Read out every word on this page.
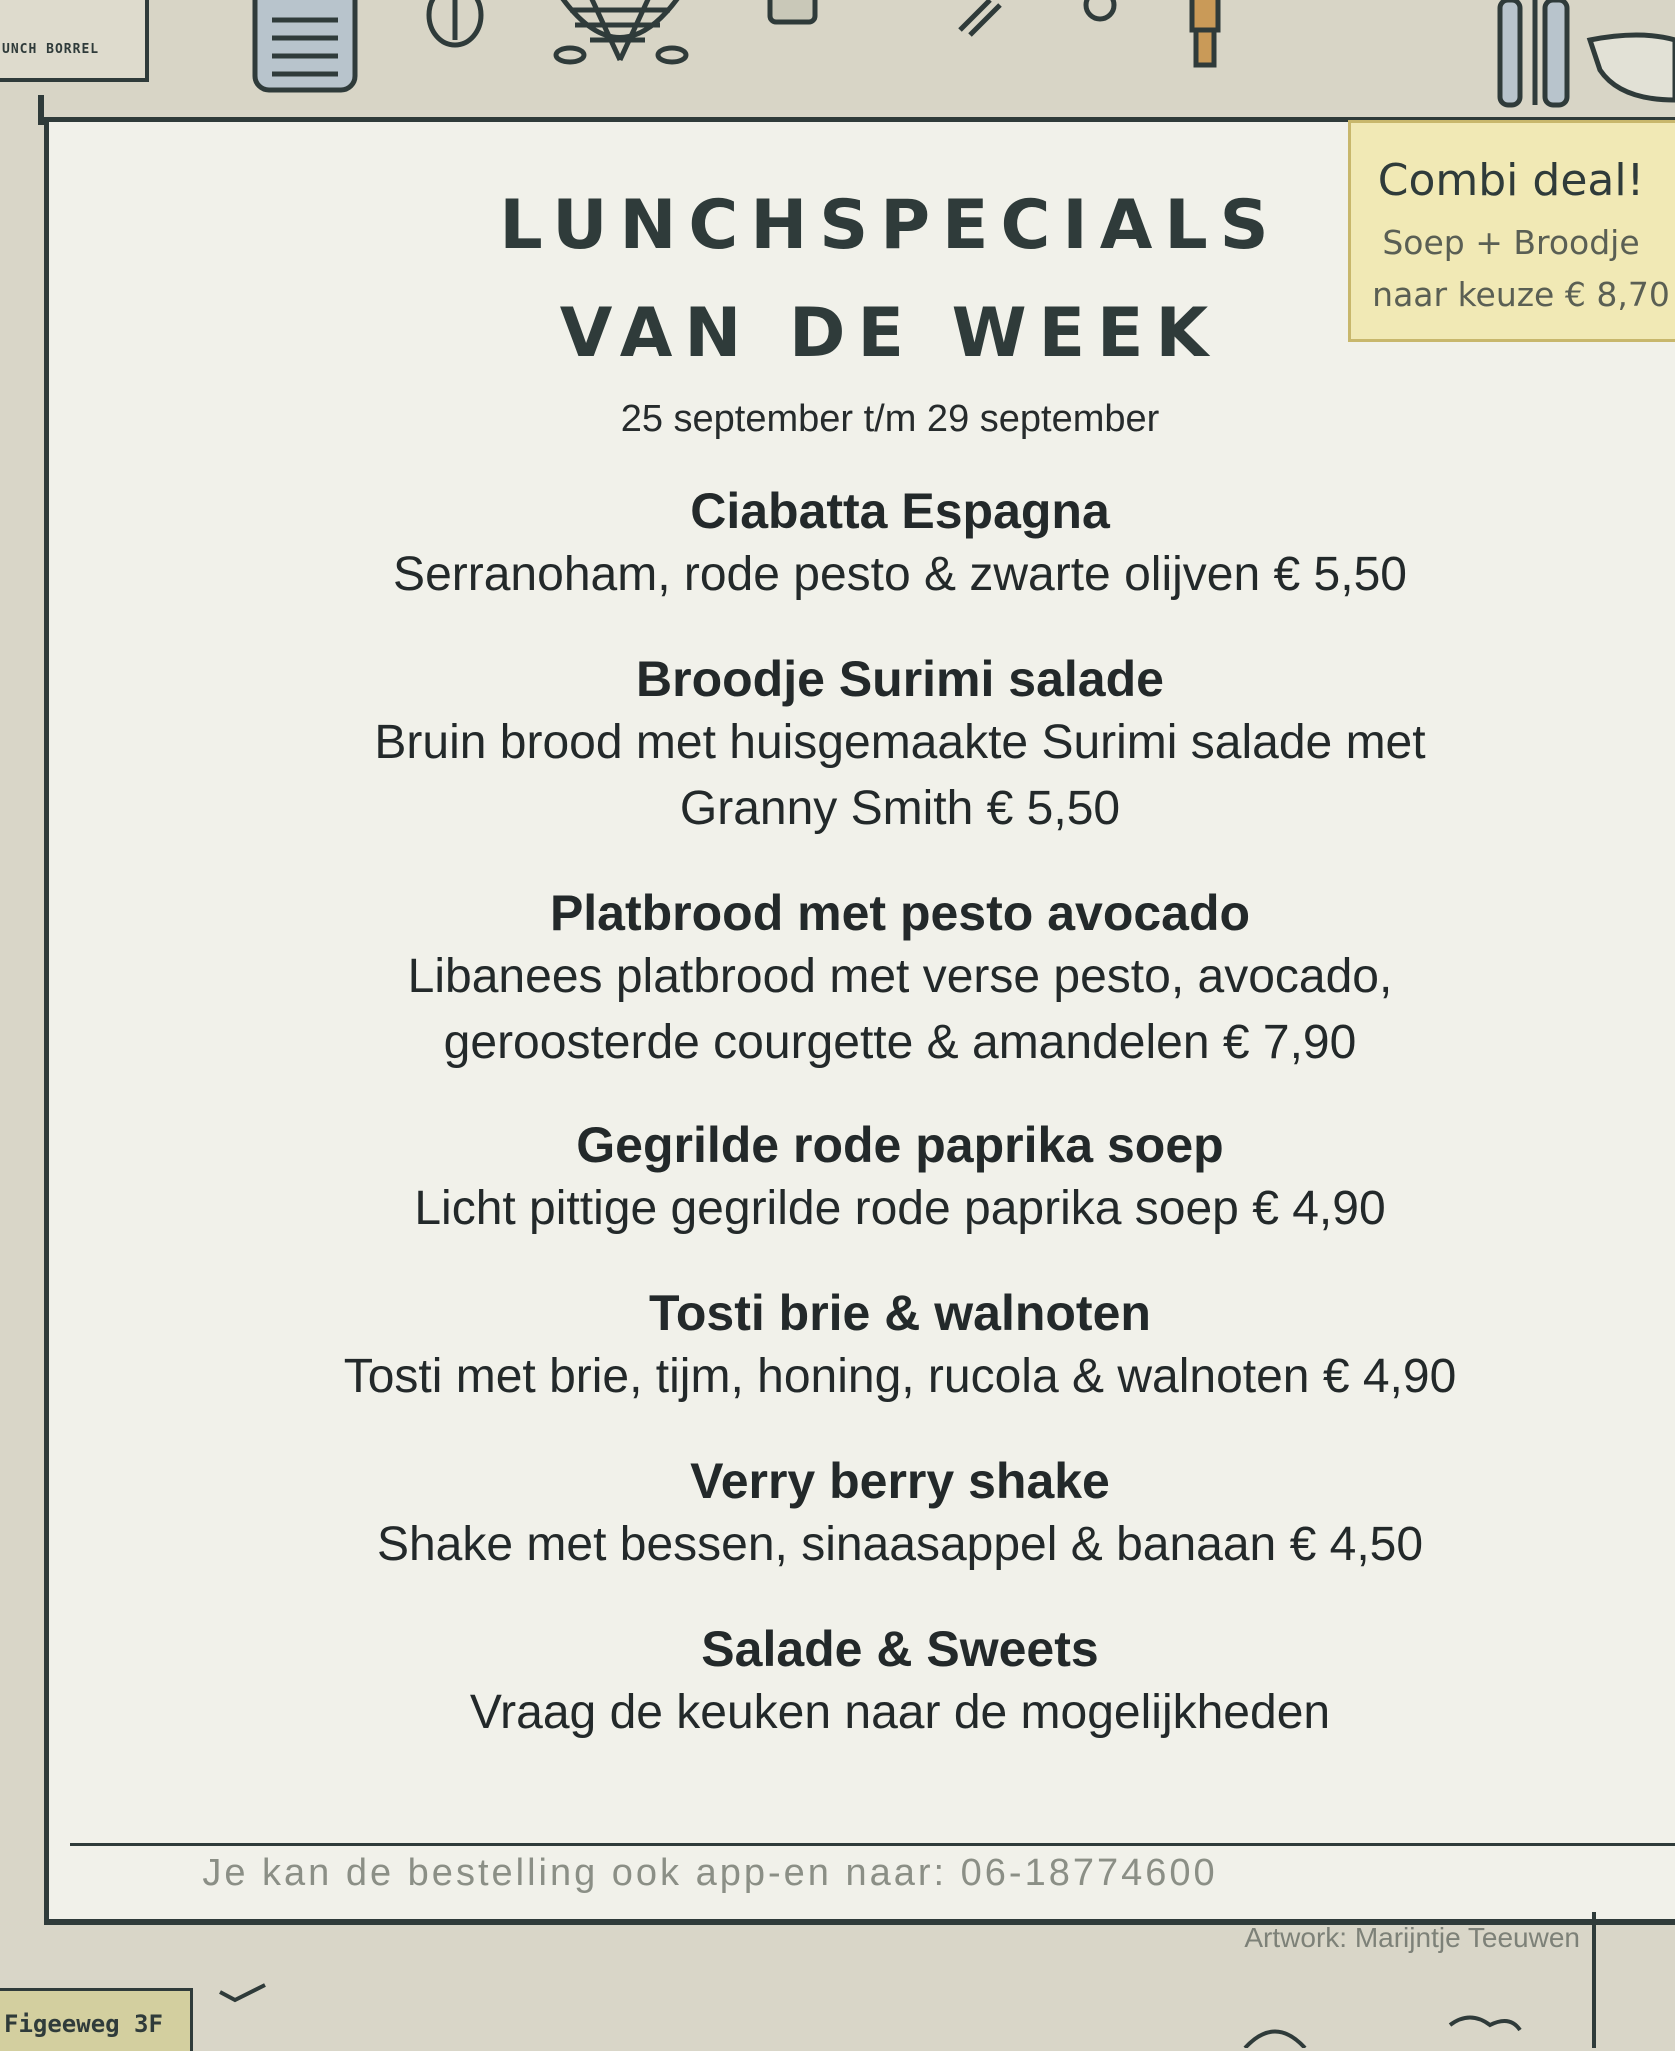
UNCH BORREL
Combi deal!
Soep + Broodje
naar keuze € 8,70
LUNCHSPECIALS
VAN DE WEEK
25 september t/m 29 september
Ciabatta Espagna
Serranoham, rode pesto & zwarte olijven € 5,50
Broodje Surimi salade
Bruin brood met huisgemaakte Surimi salade met
Granny Smith € 5,50
Platbrood met pesto avocado
Libanees platbrood met verse pesto, avocado,
geroosterde courgette & amandelen € 7,90
Gegrilde rode paprika soep
Licht pittige gegrilde rode paprika soep € 4,90
Tosti brie & walnoten
Tosti met brie, tijm, honing, rucola & walnoten € 4,90
Verry berry shake
Shake met bessen, sinaasappel & banaan € 4,50
Salade & Sweets
Vraag de keuken naar de mogelijkheden
Je kan de bestelling ook app-en naar: 06-18774600
Artwork: Marijntje Teeuwen
Figeeweg 3F
